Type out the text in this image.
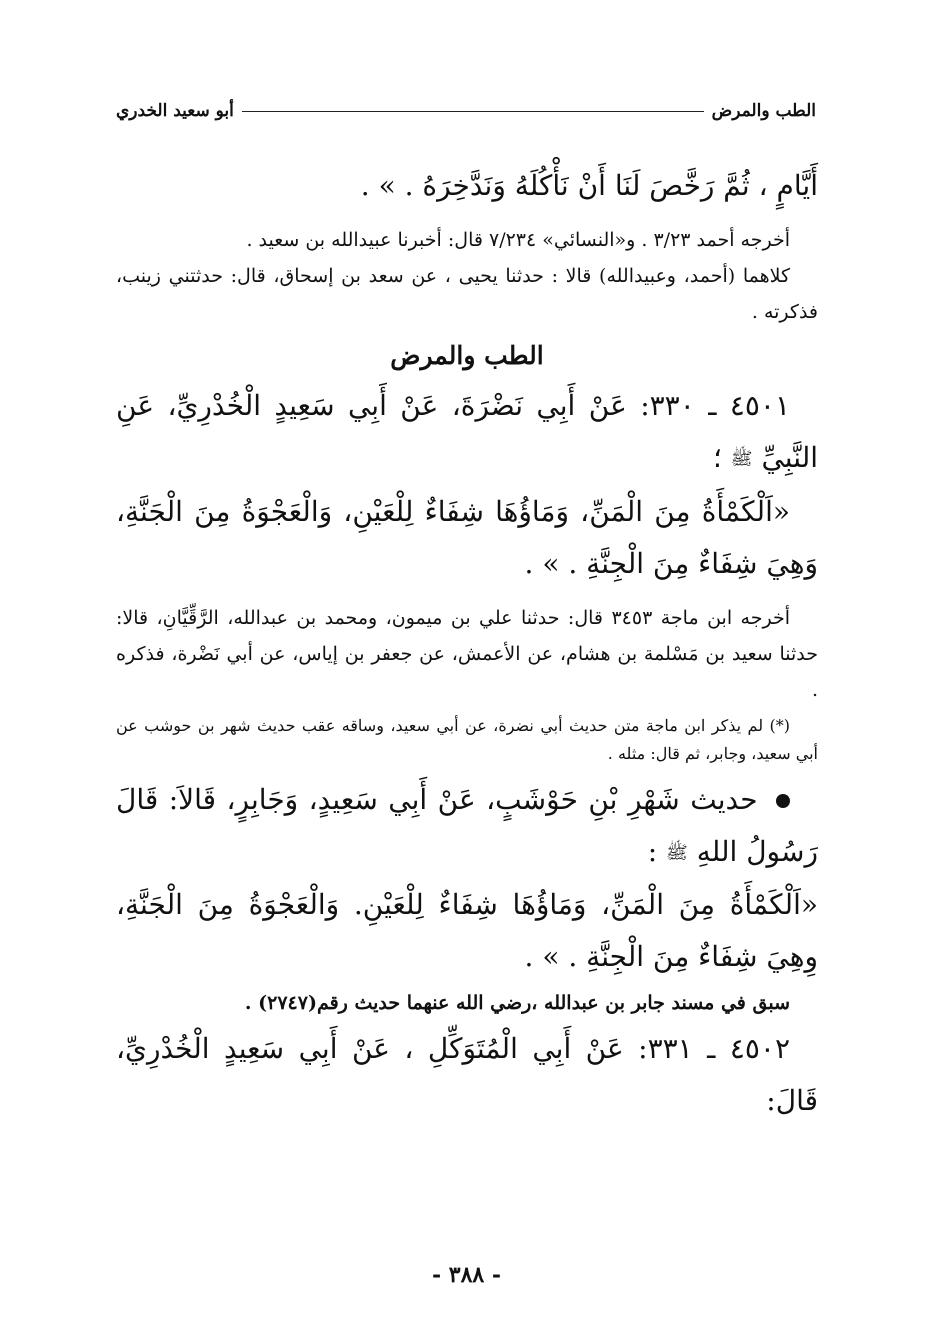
الطب والمرض
أبو سعيد الخدري

أَيَّامٍ ، ثُمَّ رَخَّصَ لَنَا أَنْ نَأْكُلَهُ وَنَدَّخِرَهُ . » .

أخرجه أحمد ٣/٢٣ . و«النسائي» ٧/٢٣٤ قال: أخبرنا عبيدالله بن سعيد .

كلاهما (أحمد، وعبيدالله) قالا : حدثنا يحيى ، عن سعد بن إسحاق، قال: حدثتني زينب، فذكرته .

الطب والمرض

٤٥٠١ ـ ٣٣٠: عَنْ أَبِي نَضْرَةَ، عَنْ أَبِي سَعِيدٍ الْخُدْرِيِّ، عَنِ النَّبِيِّ ﷺ ؛

«اَلْكَمْأَةُ مِنَ الْمَنِّ، وَمَاؤُهَا شِفَاءٌ لِلْعَيْنِ، وَالْعَجْوَةُ مِنَ الْجَنَّةِ، وَهِيَ شِفَاءٌ مِنَ الْجِنَّةِ . » .

أخرجه ابن ماجة ٣٤٥٣ قال: حدثنا علي بن ميمون، ومحمد بن عبدالله، الرَّقِّيَّانِ، قالا: حدثنا سعيد بن مَسْلمة بن هشام، عن الأعمش، عن جعفر بن إياس، عن أبي نَضْرة، فذكره .

(*) لم يذكر ابن ماجة متن حديث أبي نضرة، عن أبي سعيد، وساقه عقب حديث شهر بن حوشب عن أبي سعيد، وجابر، ثم قال: مثله .

حديث شَهْرِ بْنِ حَوْشَبٍ، عَنْ أَبِي سَعِيدٍ، وَجَابِرٍ، قَالاَ: قَالَ رَسُولُ اللهِ ﷺ :

«اَلْكَمْأَةُ مِنَ الْمَنِّ، وَمَاؤُهَا شِفَاءٌ لِلْعَيْنِ. وَالْعَجْوَةُ مِنَ الْجَنَّةِ، وِهِيَ شِفَاءٌ مِنَ الْجِنَّةِ . » .

سبق في مسند جابر بن عبدالله ،رضي الله عنهما حديث رقم(٢٧٤٧) .

٤٥٠٢ ـ ٣٣١: عَنْ أَبِي الْمُتَوَكِّلِ ، عَنْ أَبِي سَعِيدٍ الْخُدْرِيِّ، قَالَ:

- ٣٨٨ -
